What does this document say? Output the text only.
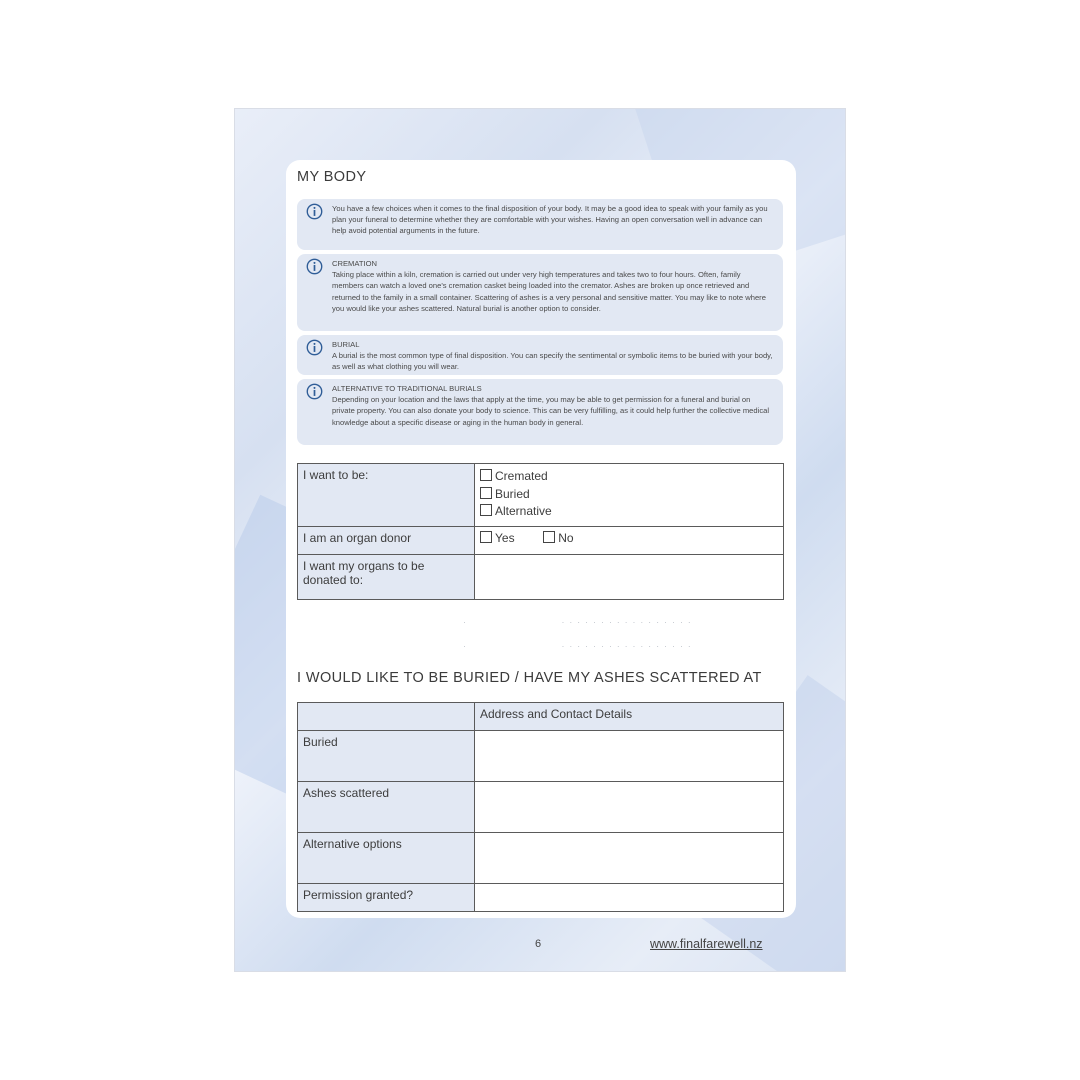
MY BODY
You have a few choices when it comes to the final disposition of your body. It may be a good idea to speak with your family as you plan your funeral to determine whether they are comfortable with your wishes. Having an open conversation well in advance can help avoid potential arguments in the future.
CREMATION
Taking place within a kiln, cremation is carried out under very high temperatures and takes two to four hours. Often, family members can watch a loved one's cremation casket being loaded into the cremator. Ashes are broken up once retrieved and returned to the family in a small container. Scattering of ashes is a very personal and sensitive matter. You may like to note where you would like your ashes scattered. Natural burial is another option to consider.
BURIAL
A burial is the most common type of final disposition. You can specify the sentimental or symbolic items to be buried with your body, as well as what clothing you will wear.
ALTERNATIVE TO TRADITIONAL BURIALS
Depending on your location and the laws that apply at the time, you may be able to get permission for a funeral and burial on private property. You can also donate your body to science. This can be very fulfilling, as it could help further the collective medical knowledge about a specific disease or aging in the human body in general.
I want to be:	Cremated
Buried
Alternative

I am an organ donor	Yes No
I want my organs to be donated to:	
.                        . . . . . . . . . . . . . . . . .
.                        . . . . . . . . . . . . . . . . .
I WOULD LIKE TO BE BURIED / HAVE MY ASHES SCATTERED AT
	Address and Contact Details
Buried	
Ashes scattered	
Alternative options	
Permission granted?	
6	www.finalfarewell.nz
